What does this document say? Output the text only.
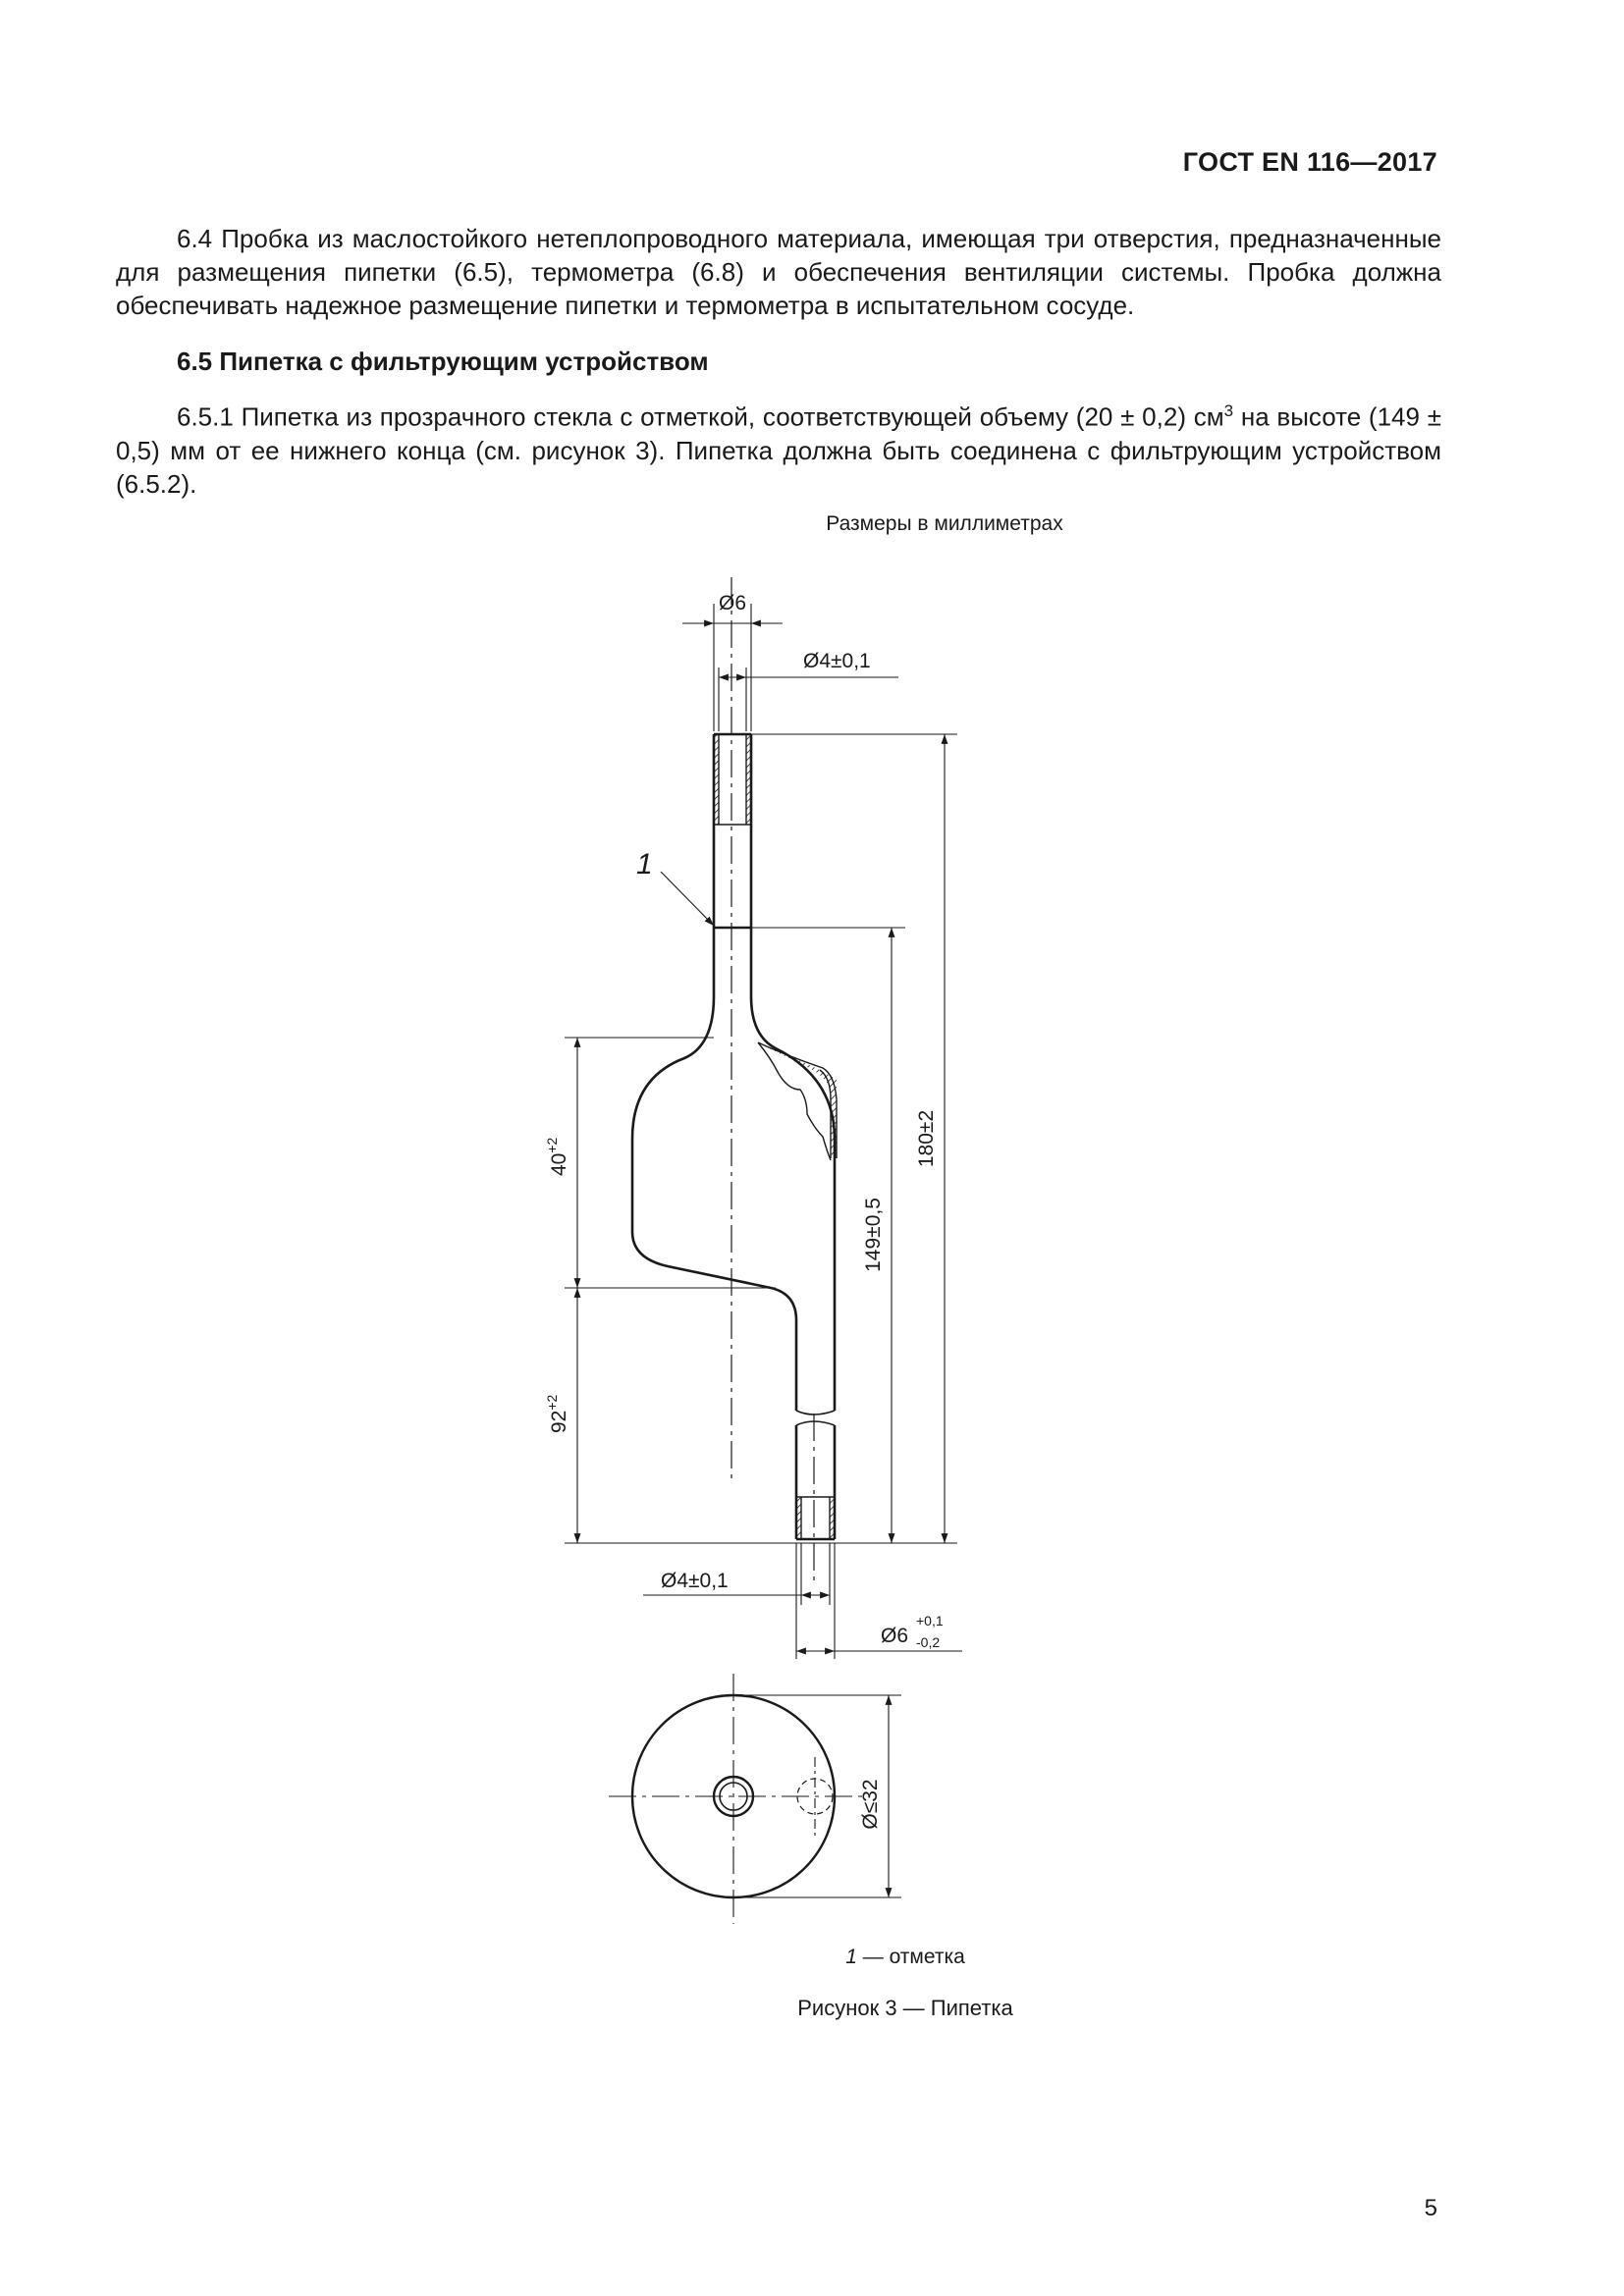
ГОСТ EN 116—2017

6.4 Пробка из маслостойкого нетеплопроводного материала, имеющая три отверстия, предназначенные для размещения пипетки (6.5), термометра (6.8) и обеспечения вентиляции системы. Пробка должна обеспечивать надежное размещение пипетки и термометра в испытательном сосуде.

6.5 Пипетка с фильтрующим устройством

6.5.1 Пипетка из прозрачного стекла с отметкой, соответствующей объему (20 ± 0,2) $см^3$ на высоте (149 ± 0,5) мм от ее нижнего конца (см. рисунок 3). Пипетка должна быть соединена с фильтрующим устройством (6.5.2).

Размеры в миллиметрах
Ø6
Ø4±0,1
180±2
149±0,5
$40^{+2}$
$92^{+2}$
Ø4±0,1
Ø6
+0,1
-0,2
Ø≤32
1
1 — отметка
Рисунок 3 — Пипетка
5
